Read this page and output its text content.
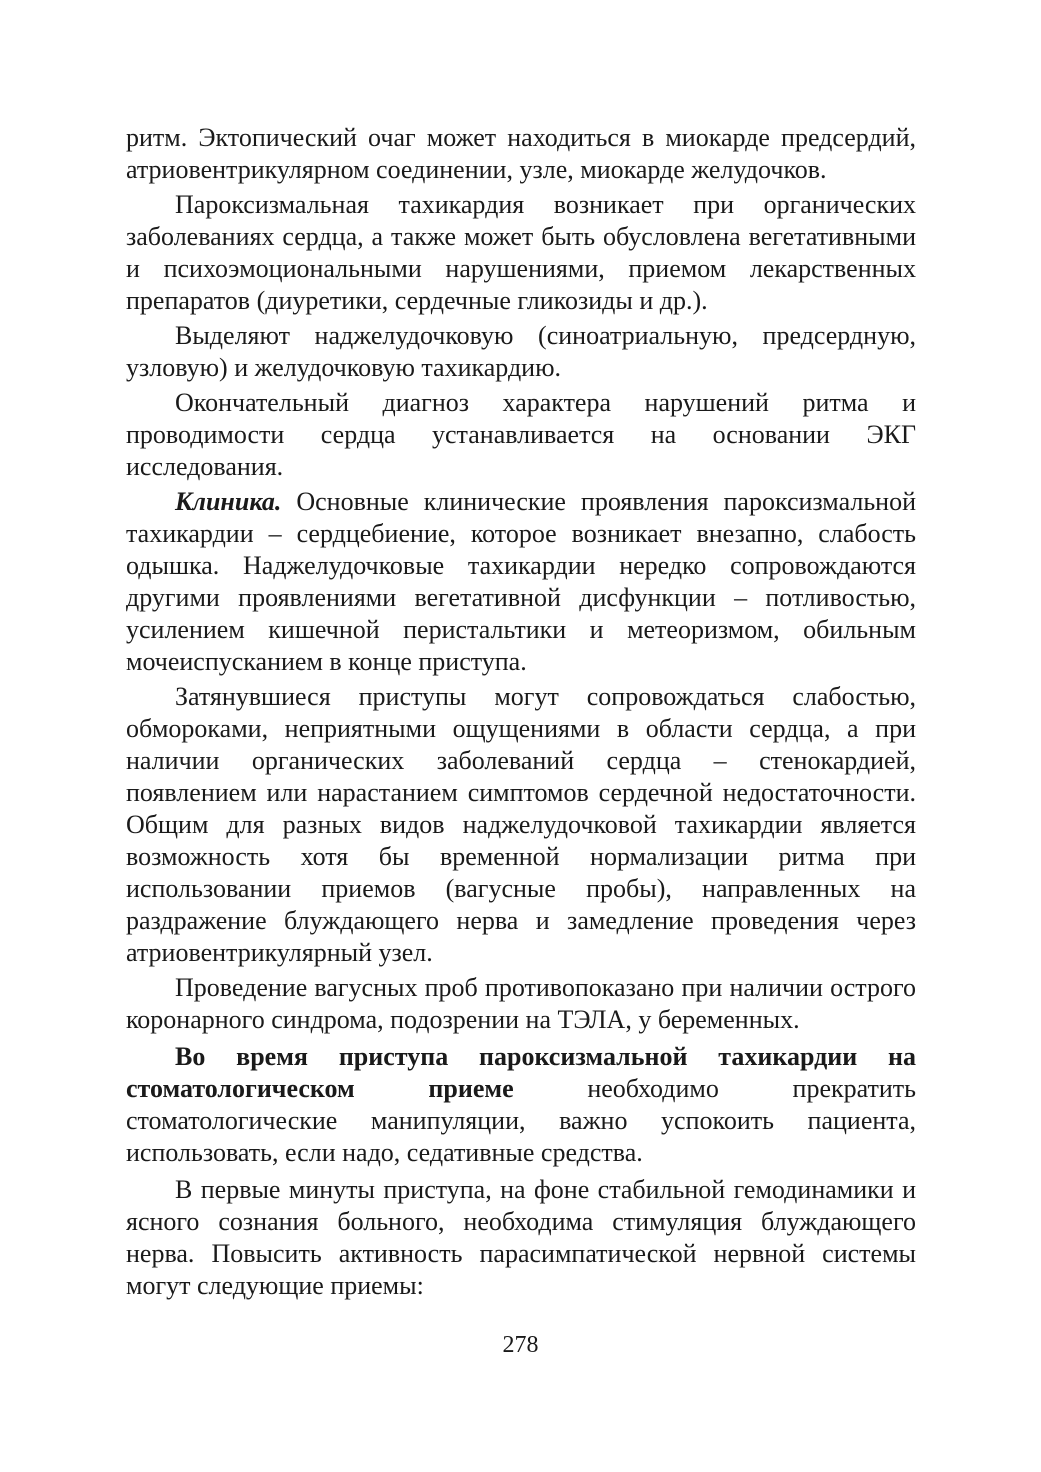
ритм. Эктопический очаг может находиться в миокарде предсердий, атриовентрикулярном соединении, узле, миокарде желудочков.

Пароксизмальная тахикардия возникает при органических заболеваниях сердца, а также может быть обусловлена вегетативными и психоэмоциональными нарушениями, приемом лекарственных препаратов (диуретики, сердечные гликозиды и др.).

Выделяют наджелудочковую (синоатриальную, предсердную, узловую) и желудочковую тахикардию.

Окончательный диагноз характера нарушений ритма и проводимости сердца устанавливается на основании ЭКГ исследования.

Клиника. Основные клинические проявления пароксизмальной тахикардии – сердцебиение, которое возникает внезапно, слабость одышка. Наджелудочковые тахикардии нередко сопровождаются другими проявлениями вегетативной дисфункции – потливостью, усилением кишечной перистальтики и метеоризмом, обильным мочеиспусканием в конце приступа.

Затянувшиеся приступы могут сопровождаться слабостью, обмороками, неприятными ощущениями в области сердца, а при наличии органических заболеваний сердца – стенокардией, появлением или нарастанием симптомов сердечной недостаточности. Общим для разных видов наджелудочковой тахикардии является возможность хотя бы временной нормализации ритма при использовании приемов (вагусные пробы), направленных на раздражение блуждающего нерва и замедление проведения через атриовентрикулярный узел.

Проведение вагусных проб противопоказано при наличии острого коронарного синдрома, подозрении на ТЭЛА, у беременных.

Во время приступа пароксизмальной тахикардии на стоматологическом приеме необходимо прекратить стоматологические манипуляции, важно успокоить пациента, использовать, если надо, седативные средства.

В первые минуты приступа, на фоне стабильной гемодинамики и ясного сознания больного, необходима стимуляция блуждающего нерва. Повысить активность парасимпатической нервной системы могут следующие приемы:

278
